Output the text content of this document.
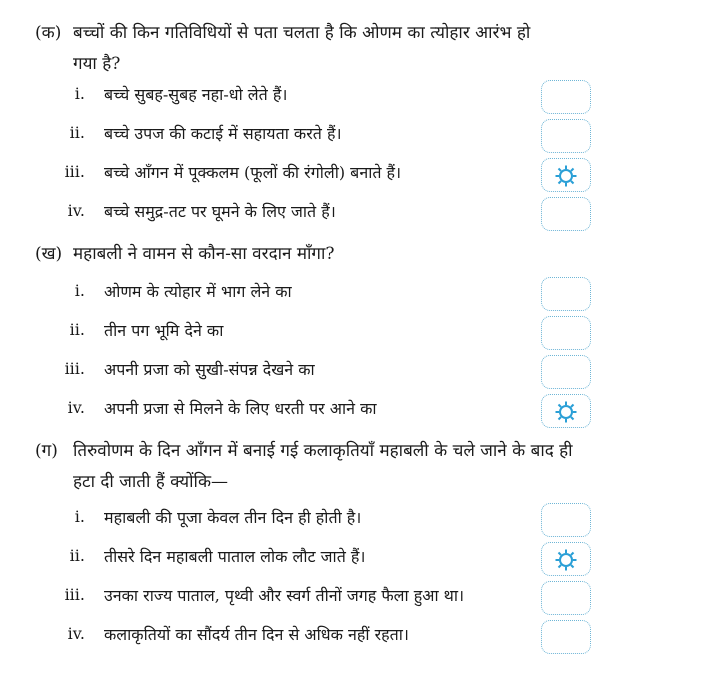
(क) बच्चों की किन गतिविधियों से पता चलता है कि ओणम का त्योहार आरंभ हो
गया है?
i. बच्चे सुबह-सुबह नहा-धो लेते हैं।
ii. बच्चे उपज की कटाई में सहायता करते हैं।
iii. बच्चे आँगन में पूक्कलम (फूलों की रंगोली) बनाते हैं।
iv. बच्चे समुद्र-तट पर घूमने के लिए जाते हैं।
(ख) महाबली ने वामन से कौन-सा वरदान माँगा?
i. ओणम के त्योहार में भाग लेने का
ii. तीन पग भूमि देने का
iii. अपनी प्रजा को सुखी-संपन्न देखने का
iv. अपनी प्रजा से मिलने के लिए धरती पर आने का
(ग) तिरुवोणम के दिन आँगन में बनाई गई कलाकृतियाँ महाबली के चले जाने के बाद ही
हटा दी जाती हैं क्योंकि—
i. महाबली की पूजा केवल तीन दिन ही होती है।
ii. तीसरे दिन महाबली पाताल लोक लौट जाते हैं।
iii. उनका राज्य पाताल, पृथ्वी और स्वर्ग तीनों जगह फैला हुआ था।
iv. कलाकृतियों का सौंदर्य तीन दिन से अधिक नहीं रहता।
